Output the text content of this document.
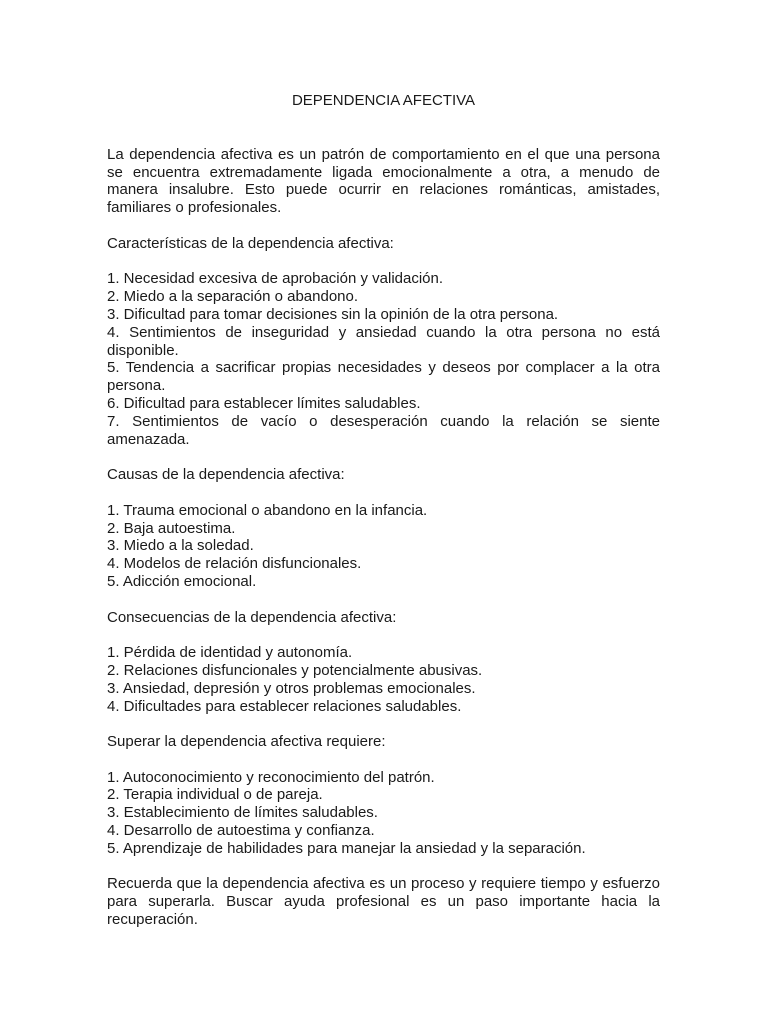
DEPENDENCIA AFECTIVA
La dependencia afectiva es un patrón de comportamiento en el que una persona se encuentra extremadamente ligada emocionalmente a otra, a menudo de manera insalubre. Esto puede ocurrir en relaciones románticas, amistades, familiares o profesionales.
Características de la dependencia afectiva:
1. Necesidad excesiva de aprobación y validación.
2. Miedo a la separación o abandono.
3. Dificultad para tomar decisiones sin la opinión de la otra persona.
4. Sentimientos de inseguridad y ansiedad cuando la otra persona no está disponible.
5. Tendencia a sacrificar propias necesidades y deseos por complacer a la otra persona.
6. Dificultad para establecer límites saludables.
7. Sentimientos de vacío o desesperación cuando la relación se siente amenazada.
Causas de la dependencia afectiva:
1. Trauma emocional o abandono en la infancia.
2. Baja autoestima.
3. Miedo a la soledad.
4. Modelos de relación disfuncionales.
5. Adicción emocional.
Consecuencias de la dependencia afectiva:
1. Pérdida de identidad y autonomía.
2. Relaciones disfuncionales y potencialmente abusivas.
3. Ansiedad, depresión y otros problemas emocionales.
4. Dificultades para establecer relaciones saludables.
Superar la dependencia afectiva requiere:
1. Autoconocimiento y reconocimiento del patrón.
2. Terapia individual o de pareja.
3. Establecimiento de límites saludables.
4. Desarrollo de autoestima y confianza.
5. Aprendizaje de habilidades para manejar la ansiedad y la separación.
Recuerda que la dependencia afectiva es un proceso y requiere tiempo y esfuerzo para superarla. Buscar ayuda profesional es un paso importante hacia la recuperación.
